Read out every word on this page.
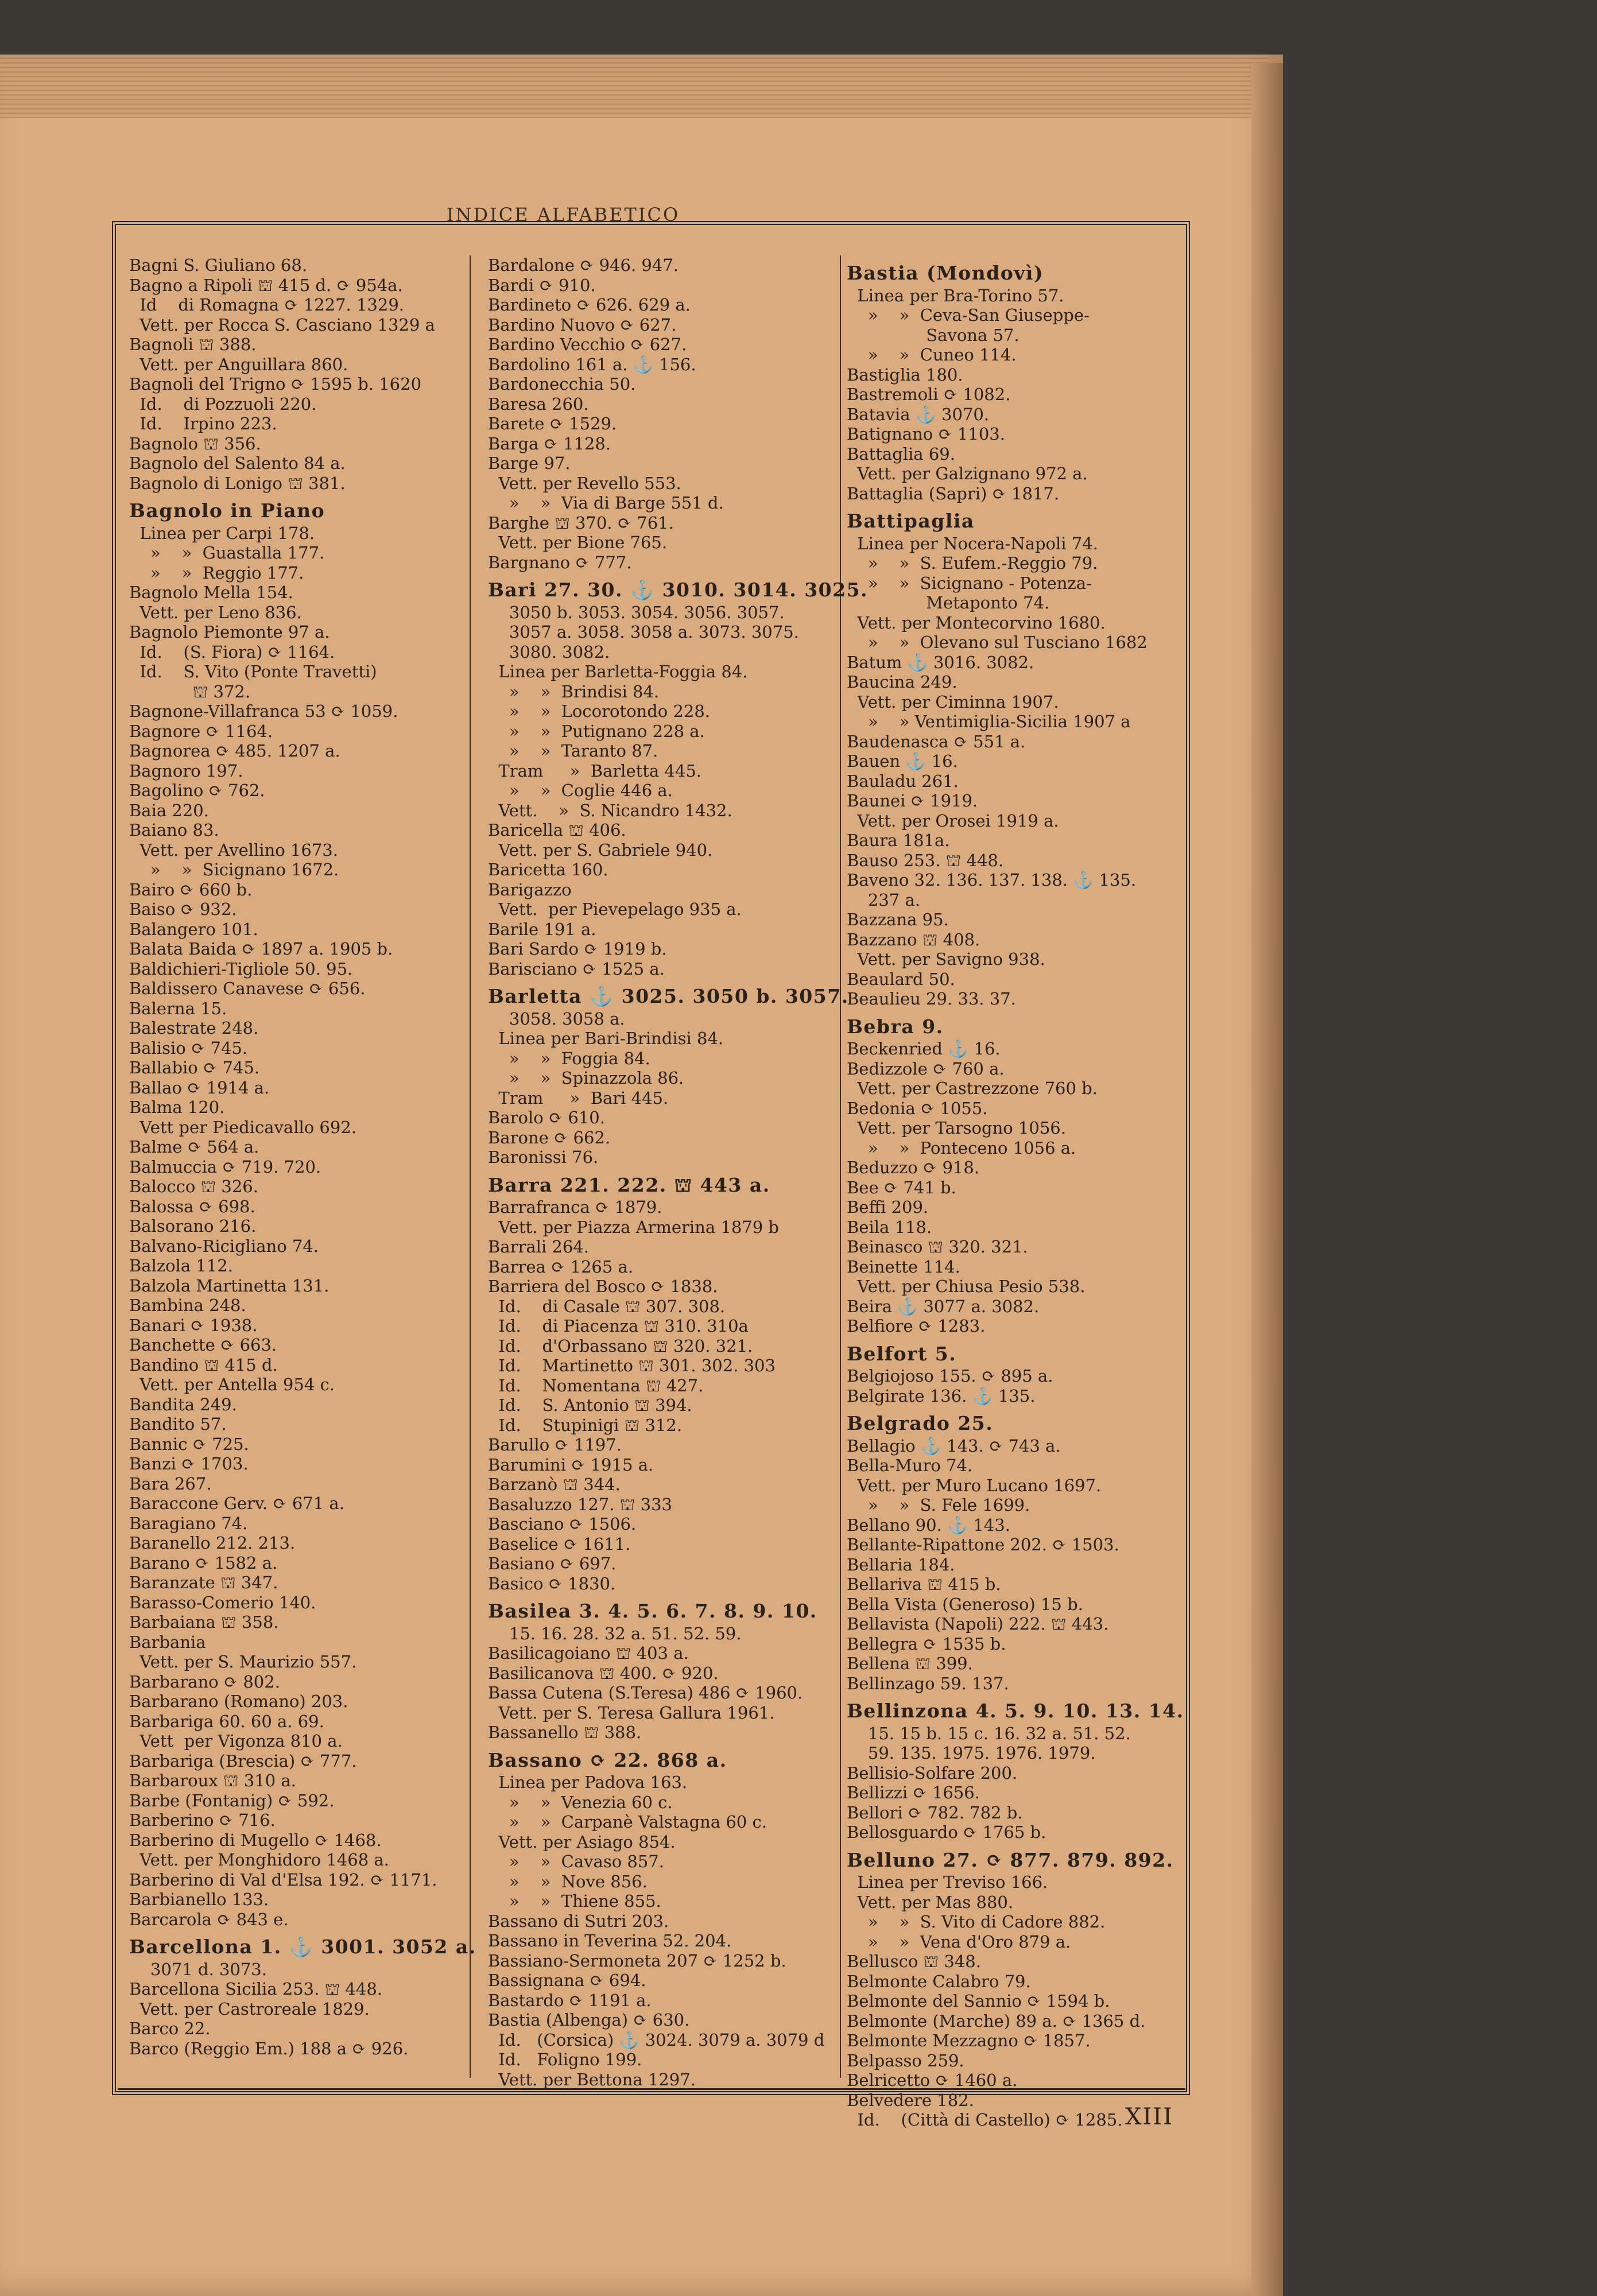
INDICE ALFABETICO
Bagni S. Giuliano 68.
Bagno a Ripoli ⛫ 415 d. ⟳ 954a.
Id    di Romagna ⟳ 1227. 1329.
Vett. per Rocca S. Casciano 1329 a
Bagnoli ⛫ 388.
Vett. per Anguillara 860.
Bagnoli del Trigno ⟳ 1595 b. 1620
Id.    di Pozzuoli 220.
Id.    Irpino 223.
Bagnolo ⛫ 356.
Bagnolo del Salento 84 a.
Bagnolo di Lonigo ⛫ 381.
Bagnolo in Piano
Linea per Carpi 178.
»    »  Guastalla 177.
»    »  Reggio 177.
Bagnolo Mella 154.
Vett. per Leno 836.
Bagnolo Piemonte 97 a.
Id.    (S. Fiora) ⟳ 1164.
Id.    S. Vito (Ponte Travetti)
⛫ 372.
Bagnone-Villafranca 53 ⟳ 1059.
Bagnore ⟳ 1164.
Bagnorea ⟳ 485. 1207 a.
Bagnoro 197.
Bagolino ⟳ 762.
Baia 220.
Baiano 83.
Vett. per Avellino 1673.
»    »  Sicignano 1672.
Bairo ⟳ 660 b.
Baiso ⟳ 932.
Balangero 101.
Balata Baida ⟳ 1897 a. 1905 b.
Baldichieri-Tigliole 50. 95.
Baldissero Canavese ⟳ 656.
Balerna 15.
Balestrate 248.
Balisio ⟳ 745.
Ballabio ⟳ 745.
Ballao ⟳ 1914 a.
Balma 120.
Vett per Piedicavallo 692.
Balme ⟳ 564 a.
Balmuccia ⟳ 719. 720.
Balocco ⛫ 326.
Balossa ⟳ 698.
Balsorano 216.
Balvano-Ricigliano 74.
Balzola 112.
Balzola Martinetta 131.
Bambina 248.
Banari ⟳ 1938.
Banchette ⟳ 663.
Bandino ⛫ 415 d.
Vett. per Antella 954 c.
Bandita 249.
Bandito 57.
Bannic ⟳ 725.
Banzi ⟳ 1703.
Bara 267.
Baraccone Gerv. ⟳ 671 a.
Baragiano 74.
Baranello 212. 213.
Barano ⟳ 1582 a.
Baranzate ⛫ 347.
Barasso-Comerio 140.
Barbaiana ⛫ 358.
Barbania
Vett. per S. Maurizio 557.
Barbarano ⟳ 802.
Barbarano (Romano) 203.
Barbariga 60. 60 a. 69.
Vett  per Vigonza 810 a.
Barbariga (Brescia) ⟳ 777.
Barbaroux ⛫ 310 a.
Barbe (Fontanig) ⟳ 592.
Barberino ⟳ 716.
Barberino di Mugello ⟳ 1468.
Vett. per Monghidoro 1468 a.
Barberino di Val d'Elsa 192. ⟳ 1171.
Barbianello 133.
Barcarola ⟳ 843 e.
Barcellona 1. ⚓ 3001. 3052 a.
3071 d. 3073.
Barcellona Sicilia 253. ⛫ 448.
Vett. per Castroreale 1829.
Barco 22.
Barco (Reggio Em.) 188 a ⟳ 926.
Bardalone ⟳ 946. 947.
Bardi ⟳ 910.
Bardineto ⟳ 626. 629 a.
Bardino Nuovo ⟳ 627.
Bardino Vecchio ⟳ 627.
Bardolino 161 a. ⚓ 156.
Bardonecchia 50.
Baresa 260.
Barete ⟳ 1529.
Barga ⟳ 1128.
Barge 97.
Vett. per Revello 553.
»    »  Via di Barge 551 d.
Barghe ⛫ 370. ⟳ 761.
Vett. per Bione 765.
Bargnano ⟳ 777.
Bari 27. 30. ⚓ 3010. 3014. 3025.
3050 b. 3053. 3054. 3056. 3057.
3057 a. 3058. 3058 a. 3073. 3075.
3080. 3082.
Linea per Barletta-Foggia 84.
»    »  Brindisi 84.
»    »  Locorotondo 228.
»    »  Putignano 228 a.
»    »  Taranto 87.
Tram     »  Barletta 445.
»    »  Coglie 446 a.
Vett.    »  S. Nicandro 1432.
Baricella ⛫ 406.
Vett. per S. Gabriele 940.
Baricetta 160.
Barigazzo
Vett.  per Pievepelago 935 a.
Barile 191 a.
Bari Sardo ⟳ 1919 b.
Barisciano ⟳ 1525 a.
Barletta ⚓ 3025. 3050 b. 3057.
3058. 3058 a.
Linea per Bari-Brindisi 84.
»    »  Foggia 84.
»    »  Spinazzola 86.
Tram     »  Bari 445.
Barolo ⟳ 610.
Barone ⟳ 662.
Baronissi 76.
Barra 221. 222. ⛫ 443 a.
Barrafranca ⟳ 1879.
Vett. per Piazza Armerina 1879 b
Barrali 264.
Barrea ⟳ 1265 a.
Barriera del Bosco ⟳ 1838.
Id.    di Casale ⛫ 307. 308.
Id.    di Piacenza ⛫ 310. 310a
Id.    d'Orbassano ⛫ 320. 321.
Id.    Martinetto ⛫ 301. 302. 303
Id.    Nomentana ⛫ 427.
Id.    S. Antonio ⛫ 394.
Id.    Stupinigi ⛫ 312.
Barullo ⟳ 1197.
Barumini ⟳ 1915 a.
Barzanò ⛫ 344.
Basaluzzo 127. ⛫ 333
Basciano ⟳ 1506.
Baselice ⟳ 1611.
Basiano ⟳ 697.
Basico ⟳ 1830.
Basilea 3. 4. 5. 6. 7. 8. 9. 10.
15. 16. 28. 32 a. 51. 52. 59.
Basilicagoiano ⛫ 403 a.
Basilicanova ⛫ 400. ⟳ 920.
Bassa Cutena (S.Teresa) 486 ⟳ 1960.
Vett. per S. Teresa Gallura 1961.
Bassanello ⛫ 388.
Bassano ⟳ 22. 868 a.
Linea per Padova 163.
»    »  Venezia 60 c.
»    »  Carpanè Valstagna 60 c.
Vett. per Asiago 854.
»    »  Cavaso 857.
»    »  Nove 856.
»    »  Thiene 855.
Bassano di Sutri 203.
Bassano in Teverina 52. 204.
Bassiano-Sermoneta 207 ⟳ 1252 b.
Bassignana ⟳ 694.
Bastardo ⟳ 1191 a.
Bastia (Albenga) ⟳ 630.
Id.   (Corsica) ⚓ 3024. 3079 a. 3079 d
Id.   Foligno 199.
Vett. per Bettona 1297.
Bastia (Mondovì)
Linea per Bra-Torino 57.
»    »  Ceva-San Giuseppe-
Savona 57.
»    »  Cuneo 114.
Bastiglia 180.
Bastremoli ⟳ 1082.
Batavia ⚓ 3070.
Batignano ⟳ 1103.
Battaglia 69.
Vett. per Galzignano 972 a.
Battaglia (Sapri) ⟳ 1817.
Battipaglia
Linea per Nocera-Napoli 74.
»    »  S. Eufem.-Reggio 79.
»    »  Sicignano - Potenza-
Metaponto 74.
Vett. per Montecorvino 1680.
»    »  Olevano sul Tusciano 1682
Batum ⚓ 3016. 3082.
Baucina 249.
Vett. per Ciminna 1907.
»    » Ventimiglia-Sicilia 1907 a
Baudenasca ⟳ 551 a.
Bauen ⚓ 16.
Bauladu 261.
Baunei ⟳ 1919.
Vett. per Orosei 1919 a.
Baura 181a.
Bauso 253. ⛫ 448.
Baveno 32. 136. 137. 138. ⚓ 135.
237 a.
Bazzana 95.
Bazzano ⛫ 408.
Vett. per Savigno 938.
Beaulard 50.
Beaulieu 29. 33. 37.
Bebra 9.
Beckenried ⚓ 16.
Bedizzole ⟳ 760 a.
Vett. per Castrezzone 760 b.
Bedonia ⟳ 1055.
Vett. per Tarsogno 1056.
»    »  Ponteceno 1056 a.
Beduzzo ⟳ 918.
Bee ⟳ 741 b.
Beffi 209.
Beila 118.
Beinasco ⛫ 320. 321.
Beinette 114.
Vett. per Chiusa Pesio 538.
Beira ⚓ 3077 a. 3082.
Belfiore ⟳ 1283.
Belfort 5.
Belgiojoso 155. ⟳ 895 a.
Belgirate 136. ⚓ 135.
Belgrado 25.
Bellagio ⚓ 143. ⟳ 743 a.
Bella-Muro 74.
Vett. per Muro Lucano 1697.
»    »  S. Fele 1699.
Bellano 90. ⚓ 143.
Bellante-Ripattone 202. ⟳ 1503.
Bellaria 184.
Bellariva ⛫ 415 b.
Bella Vista (Generoso) 15 b.
Bellavista (Napoli) 222. ⛫ 443.
Bellegra ⟳ 1535 b.
Bellena ⛫ 399.
Bellinzago 59. 137.
Bellinzona 4. 5. 9. 10. 13. 14.
15. 15 b. 15 c. 16. 32 a. 51. 52.
59. 135. 1975. 1976. 1979.
Bellisio-Solfare 200.
Bellizzi ⟳ 1656.
Bellori ⟳ 782. 782 b.
Bellosguardo ⟳ 1765 b.
Belluno 27. ⟳ 877. 879. 892.
Linea per Treviso 166.
Vett. per Mas 880.
»    »  S. Vito di Cadore 882.
»    »  Vena d'Oro 879 a.
Bellusco ⛫ 348.
Belmonte Calabro 79.
Belmonte del Sannio ⟳ 1594 b.
Belmonte (Marche) 89 a. ⟳ 1365 d.
Belmonte Mezzagno ⟳ 1857.
Belpasso 259.
Belricetto ⟳ 1460 a.
Belvedere 182.
Id.    (Città di Castello) ⟳ 1285. XIII
